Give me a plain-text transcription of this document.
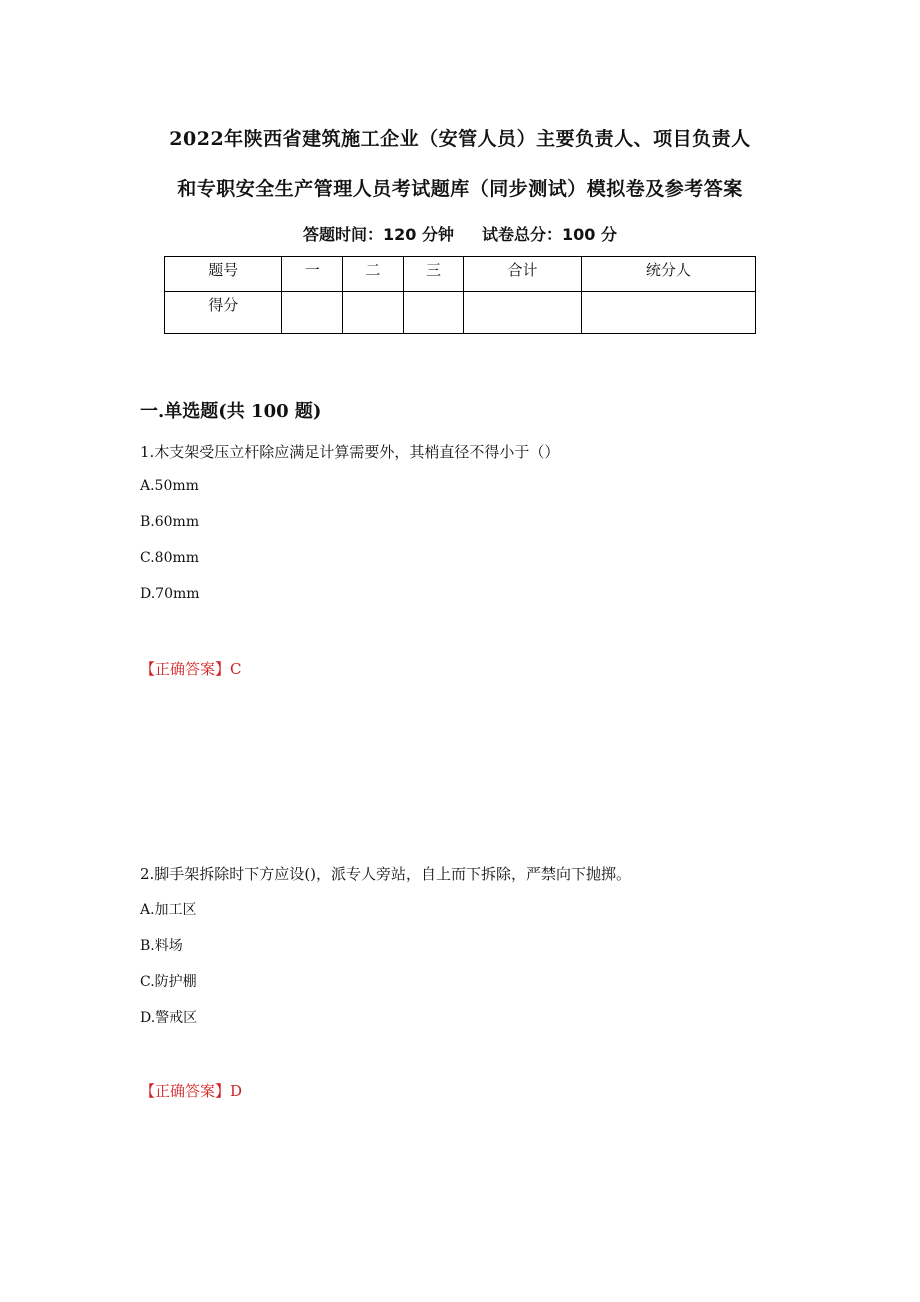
2022年陕西省建筑施工企业（安管人员）主要负责人、项目负责人
和专职安全生产管理人员考试题库（同步测试）模拟卷及参考答案
答题时间：120 分钟 试卷总分：100 分
题号	一	二	三	合计	统分人
得分					
一.单选题(共 100 题)
1.木支架受压立杆除应满足计算需要外，其梢直径不得小于（）
A.50mm
B.60mm
C.80mm
D.70mm
【正确答案】C
2.脚手架拆除时下方应设()，派专人旁站，自上而下拆除，严禁向下抛掷。
A.加工区
B.料场
C.防护棚
D.警戒区
【正确答案】D
